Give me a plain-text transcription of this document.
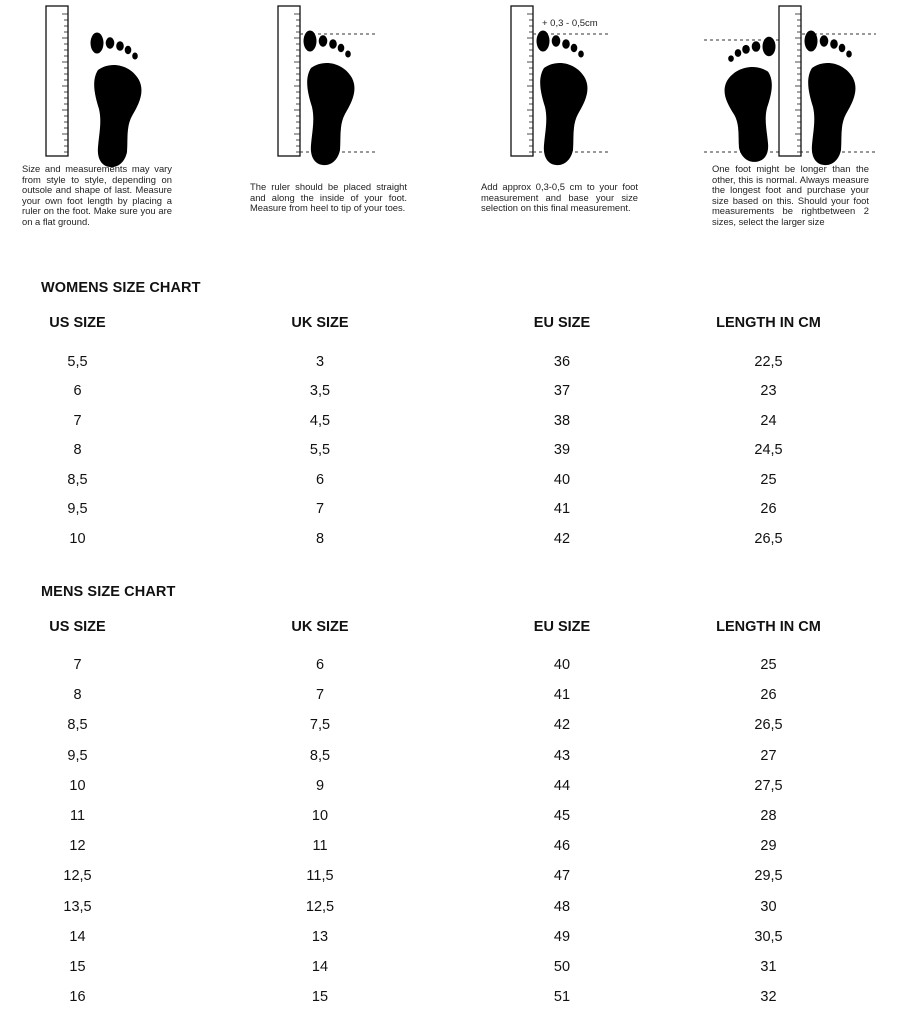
Size and measurements may vary from style to style, depending on outsole and shape of last. Measure your own foot length by placing a ruler on the foot. Make sure you are on a flat ground.

The ruler should be placed straight and along the inside of your foot. Measure from heel to tip of your toes.

+ 0,3 - 0,5cm

Add approx 0,3-0,5 cm to your foot measurement and base your size selection on this final measurement.

One foot might be longer than the other, this is normal. Always measure the longest foot and purchase your size based on this. Should your foot measurements be rightbetween 2 sizes, select the larger size

WOMENS SIZE CHART
US SIZE	UK SIZE	EU SIZE	LENGTH IN CM

5,5	3	36	22,5
6	3,5	37	23
7	4,5	38	24
8	5,5	39	24,5
8,5	6	40	25
9,5	7	41	26
10	8	42	26,5
MENS SIZE CHART
US SIZE	UK SIZE	EU SIZE	LENGTH IN CM

7	6	40	25
8	7	41	26
8,5	7,5	42	26,5
9,5	8,5	43	27
10	9	44	27,5
11	10	45	28
12	11	46	29
12,5	11,5	47	29,5
13,5	12,5	48	30
14	13	49	30,5
15	14	50	31
16	15	51	32
